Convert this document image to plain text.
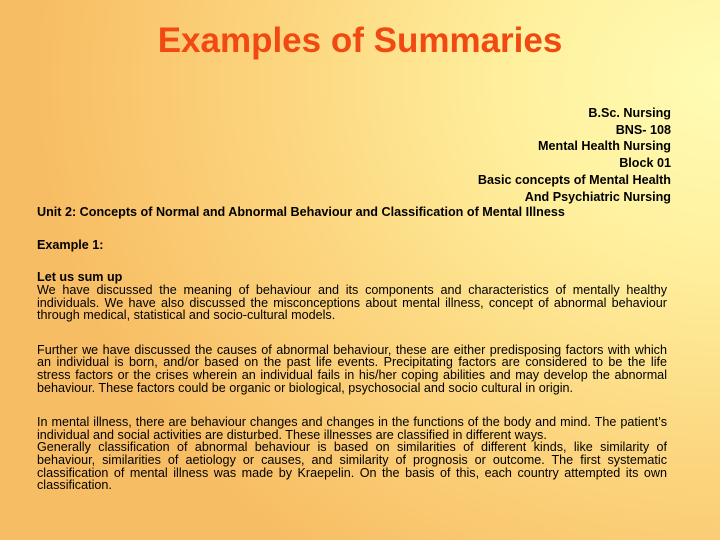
Examples of Summaries
B.Sc. Nursing
BNS- 108
Mental Health Nursing
Block 01
Basic concepts of Mental Health
And Psychiatric Nursing

Unit 2: Concepts of Normal and Abnormal Behaviour and Classification of Mental Illness

Example 1:

Let us sum up

We have discussed the meaning of behaviour and its components and characteristics of mentally healthy individuals. We have also discussed the misconceptions about mental illness, concept of abnormal behaviour through medical, statistical and socio-cultural models.

Further we have discussed the causes of abnormal behaviour, these are either predisposing factors with which an individual is born, and/or based on the past life events. Precipitating factors are considered to be the life stress factors or the crises wherein an individual fails in his/her coping abilities and may develop the abnormal behaviour. These factors could be organic or biological, psychosocial and socio cultural in origin.

In mental illness, there are behaviour changes and changes in the functions of the body and mind. The patient’s individual and social activities are disturbed. These illnesses are classified in different ways.

Generally classification of abnormal behaviour is based on similarities of different kinds, like similarity of behaviour, similarities of aetiology or causes, and similarity of prognosis or outcome. The first systematic classification of mental illness was made by Kraepelin. On the basis of this, each country attempted its own classification.
